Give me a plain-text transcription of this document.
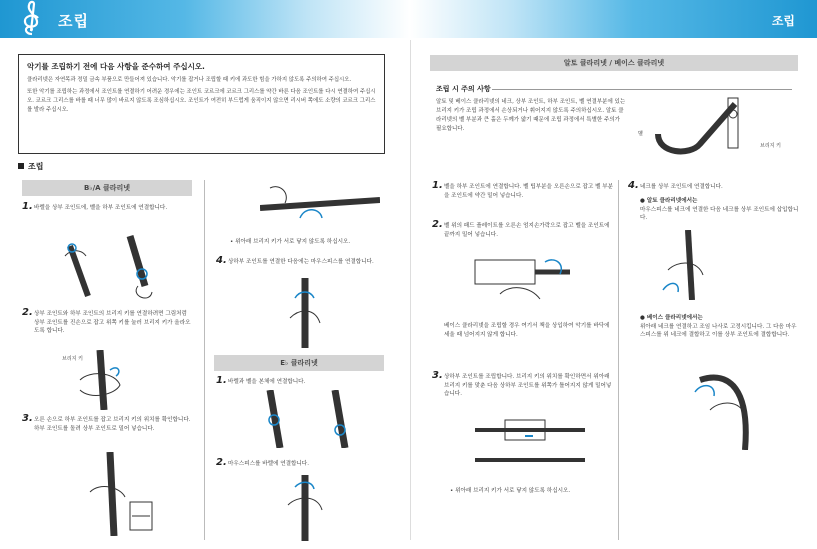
조립	조립
악기를 조립하기 전에 다음 사항을 준수하여 주십시오.

클라리넷은 자연목과 정밀 금속 부품으로 만들어져 있습니다. 악기를 잡거나 조립할 때 키에 과도한 힘을 가하지 않도록 주의하여 주십시오.

또한 악기를 조립하는 과정에서 조인트를 연결하기 어려운 경우에는 조인트 코르크에 코르크 그리스를 약간 바른 다음 조인트를 다시 연결하여 주십시오. 코르크 그리스를 바를 때 너무 많이 바르지 않도록 조심하십시오. 조인트가 여전히 부드럽게 움직이지 않으면 리시버 쪽에도 소량의 코르크 그리스를 발라 주십시오.

조립
B♭/A 클라리넷
1. 바렐을 상부 조인트에, 벨을 하부 조인트에 연결합니다.
2. 상부 조인트와 하부 조인트의 브리지 키를 연결하려면 그림처럼 상부 조인트를 진손으로 잡고 위쪽 키를 눌러 브리지 키가 올라오도록 합니다.
브리지 키
3. 오른 손으로 하부 조인트를 잡고 브리지 키의 위치를 확인합니다. 하부 조인트를 돌려 상부 조인트로 밀어 넣습니다.
• 위아래 브리지 키가 서로 닿지 않도록 하십시오.
4. 상하부 조인트를 연결한 다음에는 마우스피스를 연결합니다.
E♭ 클라리넷
1. 바렐과 벨을 본체에 연결합니다.
2. 마우스피스를 바렐에 연결합니다.
알토 클라리넷 / 베이스 클라리넷
조립 시 주의 사항
알토 및 베이스 클라리넷의 네크, 상부 조인트, 하부 조인트, 벨 연결부분에 있는 브리지 키가 조립 과정에서 손상되거나 휘어지지 않도록 주의하십시오. 알토 클라리넷의 벨 부분과 큰 홀은 두께가 얇기 때문에 조립 과정에서 특별한 주의가 필요합니다.
벨
브리지 키
1. 벨을 하부 조인트에 연결합니다. 벨 팁부분을 오른손으로 잡고 벨 부분을 조인트에 약간 밀어 넣습니다.
2. 벨 위의 패드 플레이트를 오른손 엄지손가락으로 잡고 벨을 조인트에 끝까지 밀어 넣습니다.
베이스 클라리넷을 조립할 경우 여기서 책을 상입하여 악기를 바닥에 세울 때 넘어지지 않게 합니다.
3. 상하부 조인트를 조립합니다. 브리지 키의 위치를 확인하면서 위아래 브리지 키를 맞춘 다음 상하부 조인트를 위쪽가 틀어지지 않게 밀어넣습니다.
• 위아래 브리지 키가 서로 닿지 않도록 하십시오.
4. 네크를 상부 조인트에 연결합니다.
● 알토 클라리넷에서는
마우스피스를 네크에 연결한 다음 네크를 상부 조인트에 삽입합니다.
● 베이스 클라리넷에서는
위아래 네크를 연결하고 조임 나사로 고정시킵니다. 그 다음 마우스피스를 위 네크에 결합하고 이를 상부 조인트에 결합합니다.
